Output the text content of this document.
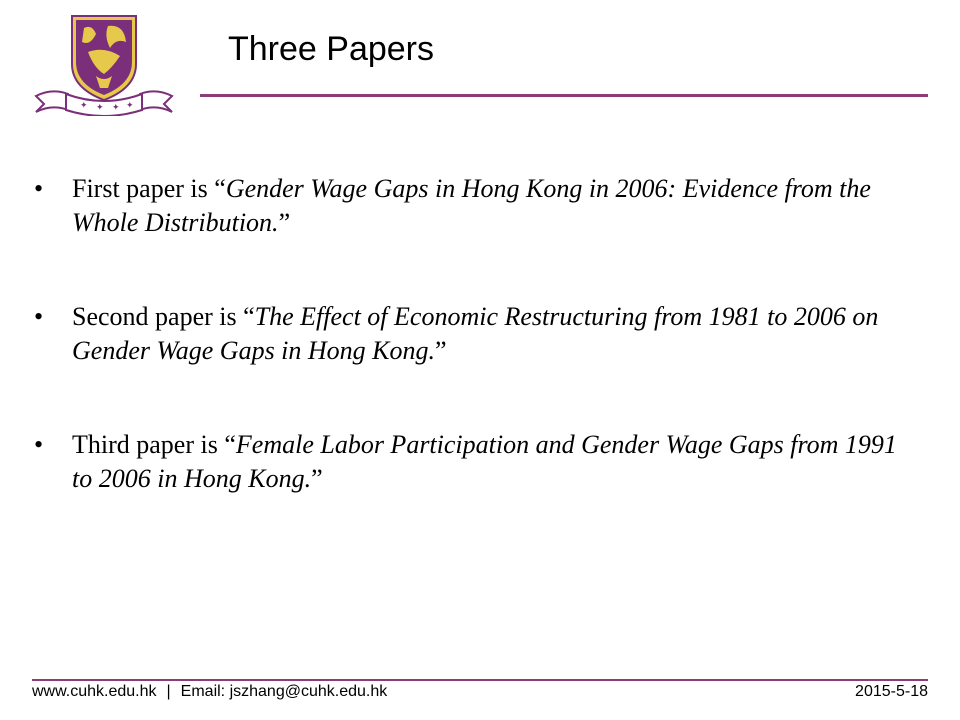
✦ ✦ ✦ ✦
Three Papers
• First paper is “Gender Wage Gaps in Hong Kong in 2006: Evidence from the Whole Distribution.”
• Second paper is “The Effect of Economic Restructuring from 1981 to 2006 on Gender Wage Gaps in Hong Kong.”
• Third paper is “Female Labor Participation and Gender Wage Gaps from 1991 to 2006 in Hong Kong.”
www.cuhk.edu.hk | Email: jszhang@cuhk.edu.hk	2015-5-18
